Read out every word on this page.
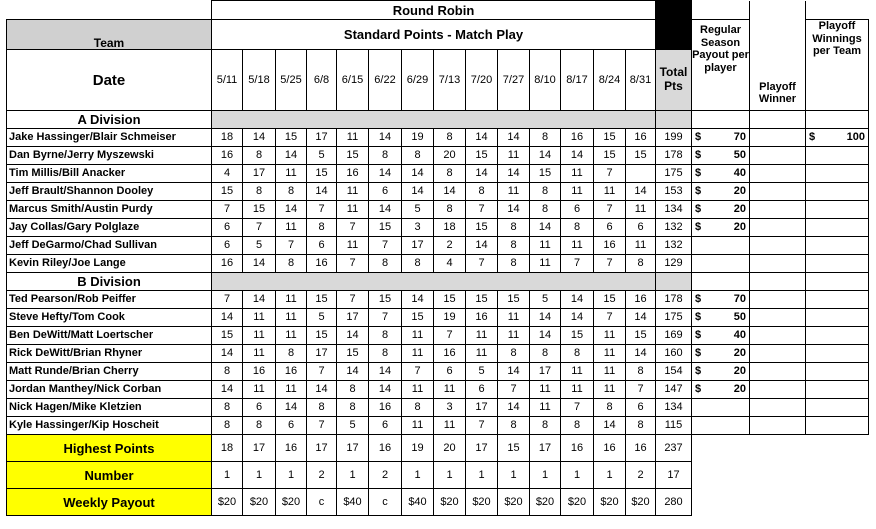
	Round Robin																	
Team	Standard Points - Match Play															Regular Season Payout per player	Playoff Winner	Playoff Winnings per Team
Date	5/11	5/18	5/25	6/8	6/15	6/22	6/29	7/13	7/20	7/27	8/10	8/17	8/24	8/31	Total Pts			
A Division																		
Jake Hassinger/Blair Schmeiser	18	14	15	17	11	14	19	8	14	14	8	16	15	16	199	$ 70		$ 100

Dan Byrne/Jerry Myszewski	16	8	14	5	15	8	8	20	15	11	14	14	15	15	178	$ 50		

Tim Millis/Bill Anacker	4	17	11	15	16	14	14	8	14	14	15	11	7		175	$ 40		

Jeff Brault/Shannon Dooley	15	8	8	14	11	6	14	14	8	11	8	11	11	14	153	$ 20		

Marcus Smith/Austin Purdy	7	15	14	7	11	14	5	8	7	14	8	6	7	11	134	$ 20		

Jay Collas/Gary Polglaze	6	7	11	8	7	15	3	18	15	8	14	8	6	6	132	$ 20		

Jeff DeGarmo/Chad Sullivan	6	5	7	6	11	7	17	2	14	8	11	11	16	11	132			
Kevin Riley/Joe Lange	16	14	8	16	7	8	8	4	7	8	11	7	7	8	129			
B Division																		
Ted Pearson/Rob Peiffer	7	14	11	15	7	15	14	15	15	15	5	14	15	16	178	$ 70		

Steve Hefty/Tom Cook	14	11	11	5	17	7	15	19	16	11	14	14	7	14	175	$ 50		

Ben DeWitt/Matt Loertscher	15	11	11	15	14	8	11	7	11	11	14	15	11	15	169	$ 40		

Rick DeWitt/Brian Rhyner	14	11	8	17	15	8	11	16	11	8	8	8	11	14	160	$ 20		

Matt Runde/Brian Cherry	8	16	16	7	14	14	7	6	5	14	17	11	11	8	154	$ 20		

Jordan Manthey/Nick Corban	14	11	11	14	8	14	11	11	6	7	11	11	11	7	147	$ 20		

Nick Hagen/Mike Kletzien	8	6	14	8	8	16	8	3	17	14	11	7	8	6	134			
Kyle Hassinger/Kip Hoscheit	8	8	6	7	5	6	11	11	7	8	8	8	14	8	115			
Highest Points	18	17	16	17	17	16	19	20	17	15	17	16	16	16	237			
Number	1	1	1	2	1	2	1	1	1	1	1	1	1	2	17			
Weekly Payout	$20	$20	$20	c	$40	c	$40	$20	$20	$20	$20	$20	$20	$20	280			
